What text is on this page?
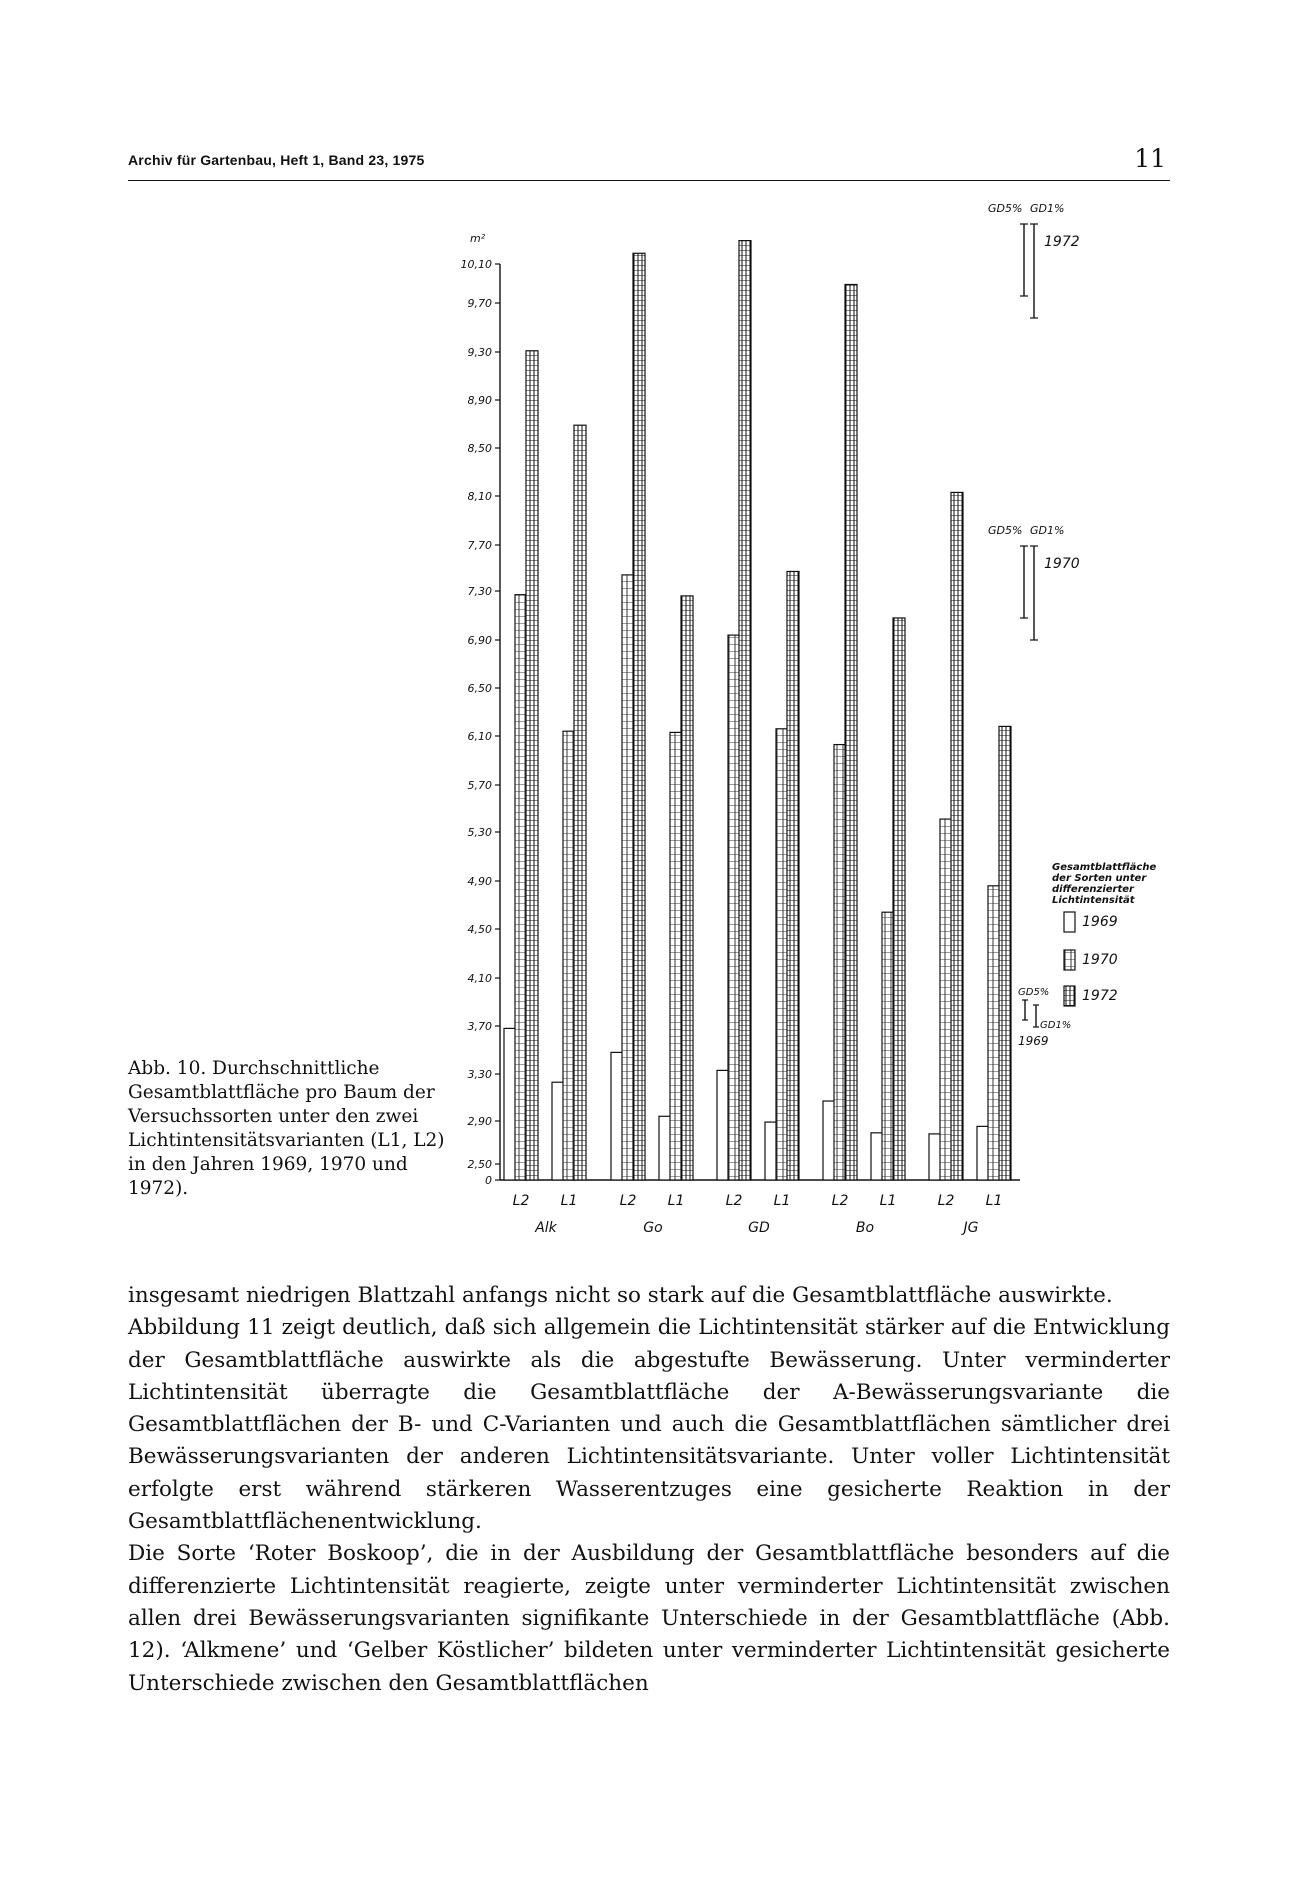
Archiv für Gartenbau, Heft 1, Band 23, 1975	11
0
2,50
2,90
3,30
3,70
4,10
4,50
4,90
5,30
5,70
6,10
6,50
6,90
7,30
7,70
8,10
8,50
8,90
9,30
9,70
10,10
m²
L2 L1	L2 L1	L2 L1	L2 L1	L2 L1
Alk	Go	GD	Bo	JG
GD5% GD1%
1972
GD5% GD1%
1970
GD5%
GD1%
1969
Gesamtblattfläche der Sorten unter differenzierter Lichtintensität
1969
1970
1972
Abb. 10. Durchschnittliche Gesamtblattfläche pro Baum der Versuchssorten unter den zwei Lichtintensitätsvarianten (L1, L2) in den Jahren 1969, 1970 und 1972).

insgesamt niedrigen Blattzahl anfangs nicht so stark auf die Gesamtblattfläche auswirkte.

Abbildung 11 zeigt deutlich, daß sich allgemein die Lichtintensität stärker auf die Entwicklung der Gesamtblattfläche auswirkte als die abgestufte Bewässerung. Unter verminderter Lichtintensität überragte die Gesamtblattfläche der A-Bewässerungsvariante die Gesamtblattflächen der B- und C-Varianten und auch die Gesamtblattflächen sämtlicher drei Bewässerungsvarianten der anderen Lichtintensitätsvariante. Unter voller Lichtintensität erfolgte erst während stärkeren Wasserentzuges eine gesicherte Reaktion in der Gesamtblattflächenentwicklung.

Die Sorte ‘Roter Boskoop’, die in der Ausbildung der Gesamtblattfläche besonders auf die differenzierte Lichtintensität reagierte, zeigte unter verminderter Lichtintensität zwischen allen drei Bewässerungsvarianten signifikante Unterschiede in der Gesamtblattfläche (Abb. 12). ‘Alkmene’ und ‘Gelber Köstlicher’ bildeten unter verminderter Lichtintensität gesicherte Unterschiede zwischen den Gesamtblattflächen
